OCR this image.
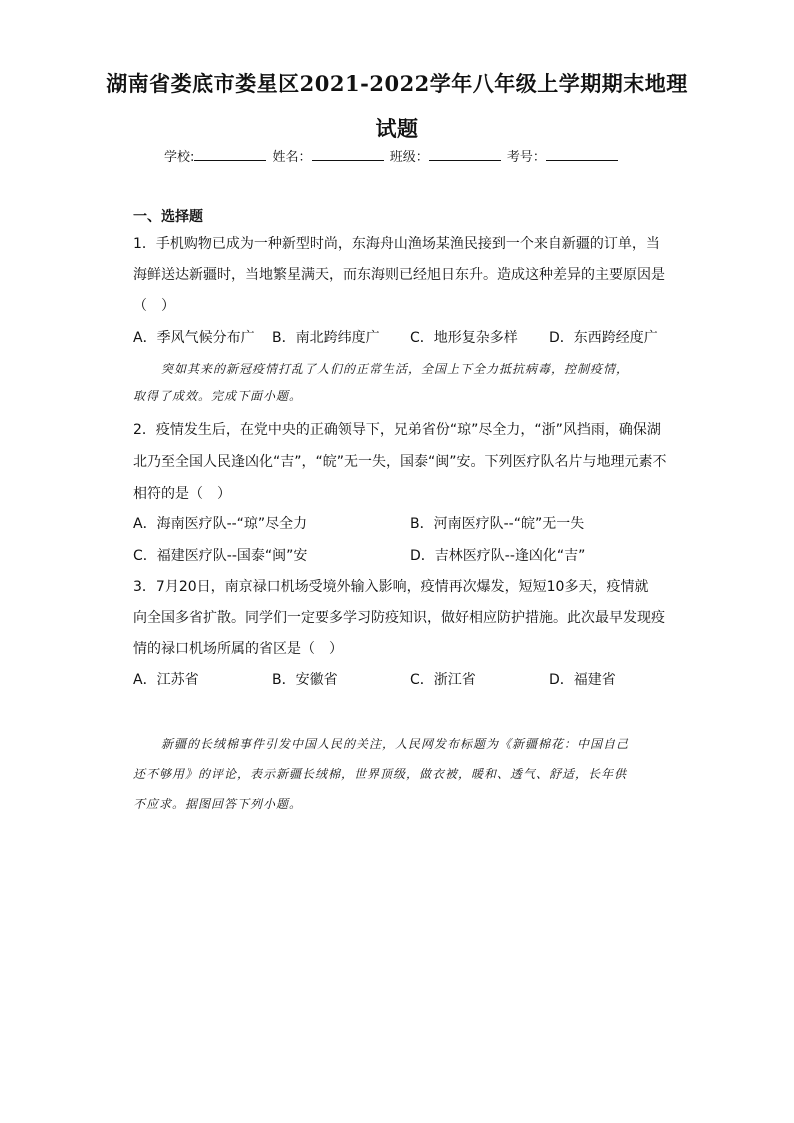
湖南省娄底市娄星区2021-2022学年八年级上学期期末地理
试题
学校:	姓名：	班级：	考号：
一、选择题
1．手机购物已成为一种新型时尚，东海舟山渔场某渔民接到一个来自新疆的订单，当
海鲜送达新疆时，当地繁星满天，而东海则已经旭日东升。造成这种差异的主要原因是
（　）
A．季风气候分布广 B．南北跨纬度广 C．地形复杂多样 D．东西跨经度广
突如其来的新冠疫情打乱了人们的正常生活，全国上下全力抵抗病毒，控制疫情，
取得了成效。完成下面小题。
2．疫情发生后，在党中央的正确领导下，兄弟省份“琼”尽全力，“浙”风挡雨，确保湖
北乃至全国人民逢凶化“吉”，“皖”无一失，国泰“闽”安。下列医疗队名片与地理元素不
相符的是（　）
A．海南医疗队--“琼”尽全力	B．河南医疗队--“皖”无一失
C．福建医疗队--国泰“闽”安	D．吉林医疗队--逢凶化“吉”
3．7月20日，南京禄口机场受境外输入影响，疫情再次爆发，短短10多天，疫情就
向全国多省扩散。同学们一定要多学习防疫知识，做好相应防护措施。此次最早发现疫
情的禄口机场所属的省区是（　）
A．江苏省	B．安徽省	C．浙江省	D．福建省
新疆的长绒棉事件引发中国人民的关注，人民网发布标题为《新疆棉花：中国自己
还不够用》的评论，表示新疆长绒棉，世界顶级，做衣被，暖和、透气、舒适，长年供
不应求。据图回答下列小题。
